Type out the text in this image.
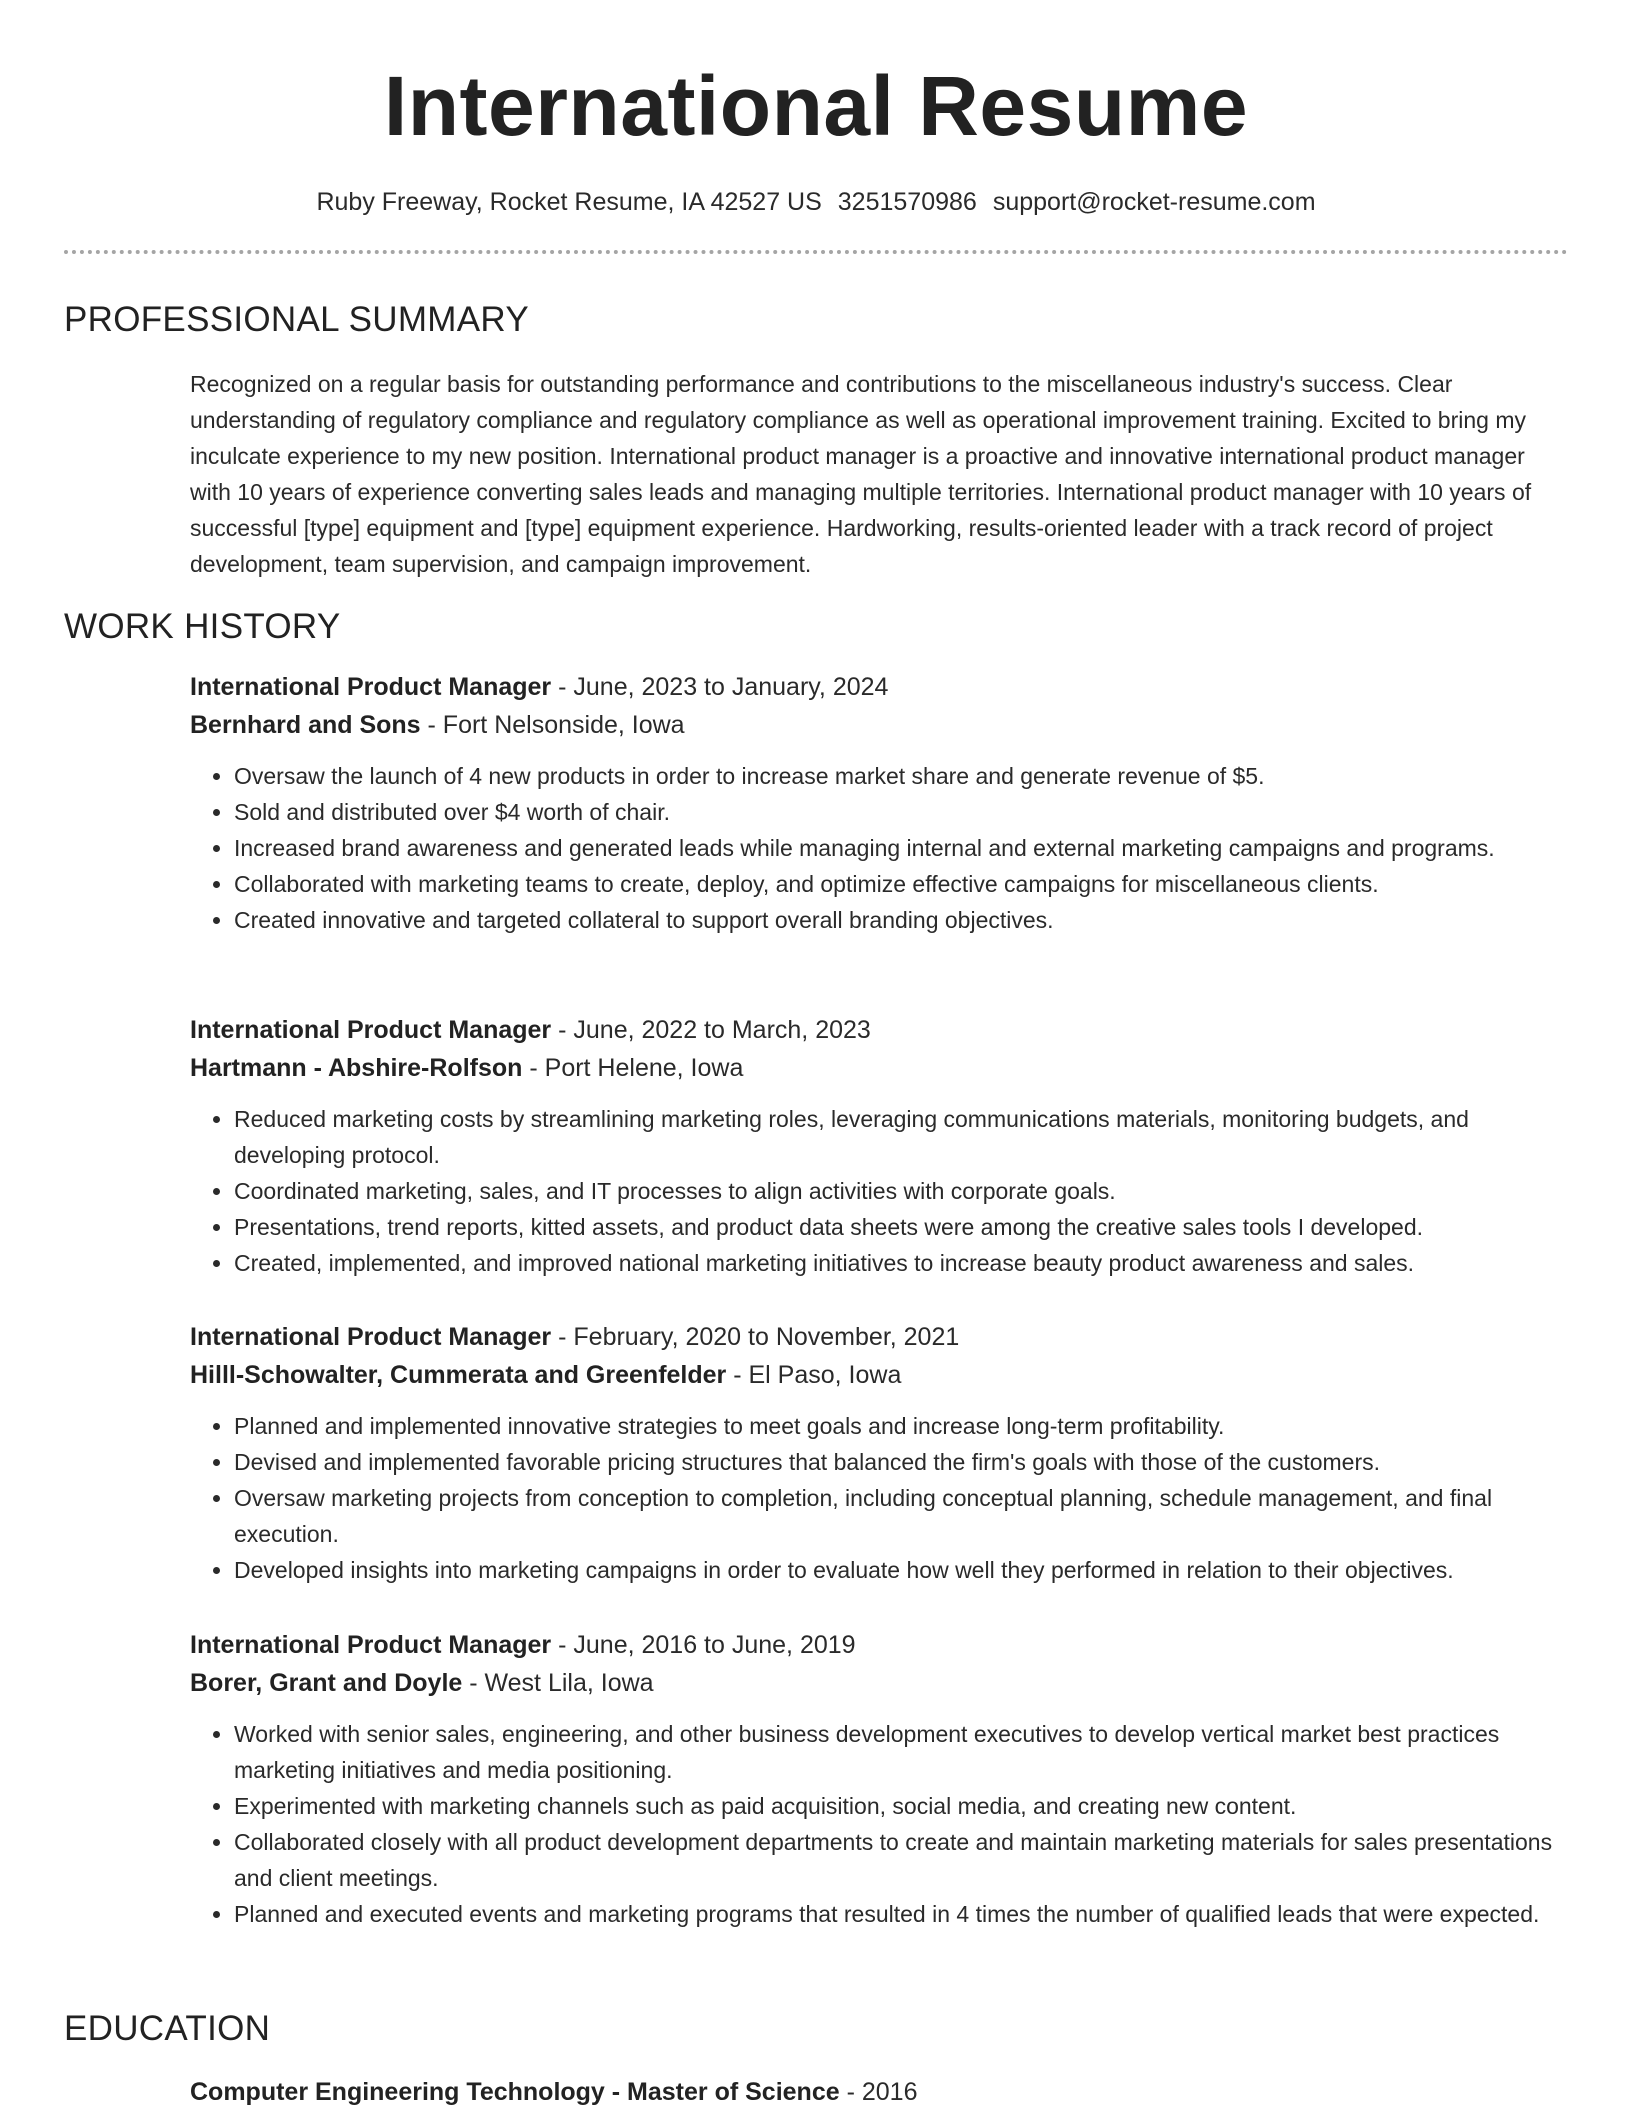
International Resume
Ruby Freeway, Rocket Resume, IA 42527 US 3251570986 support@rocket-resume.com
PROFESSIONAL SUMMARY

Recognized on a regular basis for outstanding performance and contributions to the miscellaneous industry's success. Clear understanding of regulatory compliance and regulatory compliance as well as operational improvement training. Excited to bring my inculcate experience to my new position. International product manager is a proactive and innovative international product manager with 10 years of experience converting sales leads and managing multiple territories. International product manager with 10 years of successful [type] equipment and [type] equipment experience. Hardworking, results-oriented leader with a track record of project development, team supervision, and campaign improvement.

WORK HISTORY

International Product Manager - June, 2023 to January, 2024

Bernhard and Sons - Fort Nelsonside, Iowa

• Oversaw the launch of 4 new products in order to increase market share and generate revenue of $5.
• Sold and distributed over $4 worth of chair.
• Increased brand awareness and generated leads while managing internal and external marketing campaigns and programs.
• Collaborated with marketing teams to create, deploy, and optimize effective campaigns for miscellaneous clients.
• Created innovative and targeted collateral to support overall branding objectives.

International Product Manager - June, 2022 to March, 2023

Hartmann - Abshire-Rolfson - Port Helene, Iowa

• Reduced marketing costs by streamlining marketing roles, leveraging communications materials, monitoring budgets, and developing protocol.
• Coordinated marketing, sales, and IT processes to align activities with corporate goals.
• Presentations, trend reports, kitted assets, and product data sheets were among the creative sales tools I developed.
• Created, implemented, and improved national marketing initiatives to increase beauty product awareness and sales.

International Product Manager - February, 2020 to November, 2021

Hilll-Schowalter, Cummerata and Greenfelder - El Paso, Iowa

• Planned and implemented innovative strategies to meet goals and increase long-term profitability.
• Devised and implemented favorable pricing structures that balanced the firm's goals with those of the customers.
• Oversaw marketing projects from conception to completion, including conceptual planning, schedule management, and final execution.
• Developed insights into marketing campaigns in order to evaluate how well they performed in relation to their objectives.

International Product Manager - June, 2016 to June, 2019

Borer, Grant and Doyle - West Lila, Iowa

• Worked with senior sales, engineering, and other business development executives to develop vertical market best practices marketing initiatives and media positioning.
• Experimented with marketing channels such as paid acquisition, social media, and creating new content.
• Collaborated closely with all product development departments to create and maintain marketing materials for sales presentations and client meetings.
• Planned and executed events and marketing programs that resulted in 4 times the number of qualified leads that were expected.
EDUCATION

Computer Engineering Technology - Master of Science - 2016
